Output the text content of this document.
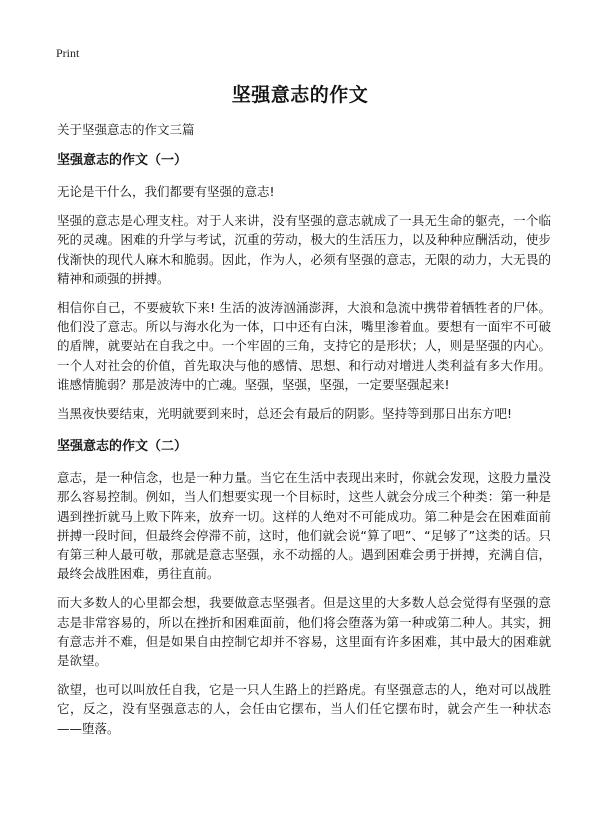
Print
坚强意志的作文
关于坚强意志的作文三篇
坚强意志的作文（一）

无论是干什么，我们都要有坚强的意志!

坚强的意志是心理支柱。对于人来讲，没有坚强的意志就成了一具无生命的躯壳，一个临死的灵魂。困难的升学与考试，沉重的劳动，极大的生活压力，以及种种应酬活动，使步伐渐快的现代人麻木和脆弱。因此，作为人，必须有坚强的意志，无限的动力，大无畏的精神和顽强的拼搏。

相信你自己，不要疲软下来! 生活的波涛汹涌澎湃，大浪和急流中携带着牺牲者的尸体。他们没了意志。所以与海水化为一体，口中还有白沫，嘴里渗着血。要想有一面牢不可破的盾牌，就要站在自我之中。一个牢固的三角，支持它的是形状；人，则是坚强的内心。一个人对社会的价值，首先取决与他的感情、思想、和行动对增进人类利益有多大作用。谁感情脆弱？那是波涛中的亡魂。坚强，坚强，坚强，一定要坚强起来!

当黑夜快要结束，光明就要到来时，总还会有最后的阴影。坚持等到那日出东方吧!

坚强意志的作文（二）

意志，是一种信念，也是一种力量。当它在生活中表现出来时，你就会发现，这股力量没那么容易控制。例如，当人们想要实现一个目标时，这些人就会分成三个种类：第一种是遇到挫折就马上败下阵来，放弃一切。这样的人绝对不可能成功。第二种是会在困难面前拼搏一段时间，但最终会停滞不前，这时，他们就会说“算了吧”、“足够了”这类的话。只有第三种人最可敬，那就是意志坚强，永不动摇的人。遇到困难会勇于拼搏，充满自信，最终会战胜困难，勇往直前。

而大多数人的心里都会想，我要做意志坚强者。但是这里的大多数人总会觉得有坚强的意志是非常容易的，所以在挫折和困难面前，他们将会堕落为第一种或第二种人。其实，拥有意志并不难，但是如果自由控制它却并不容易，这里面有许多困难，其中最大的困难就是欲望。

欲望，也可以叫放任自我，它是一只人生路上的拦路虎。有坚强意志的人，绝对可以战胜它，反之，没有坚强意志的人，会任由它摆布，当人们任它摆布时，就会产生一种状态——堕落。
